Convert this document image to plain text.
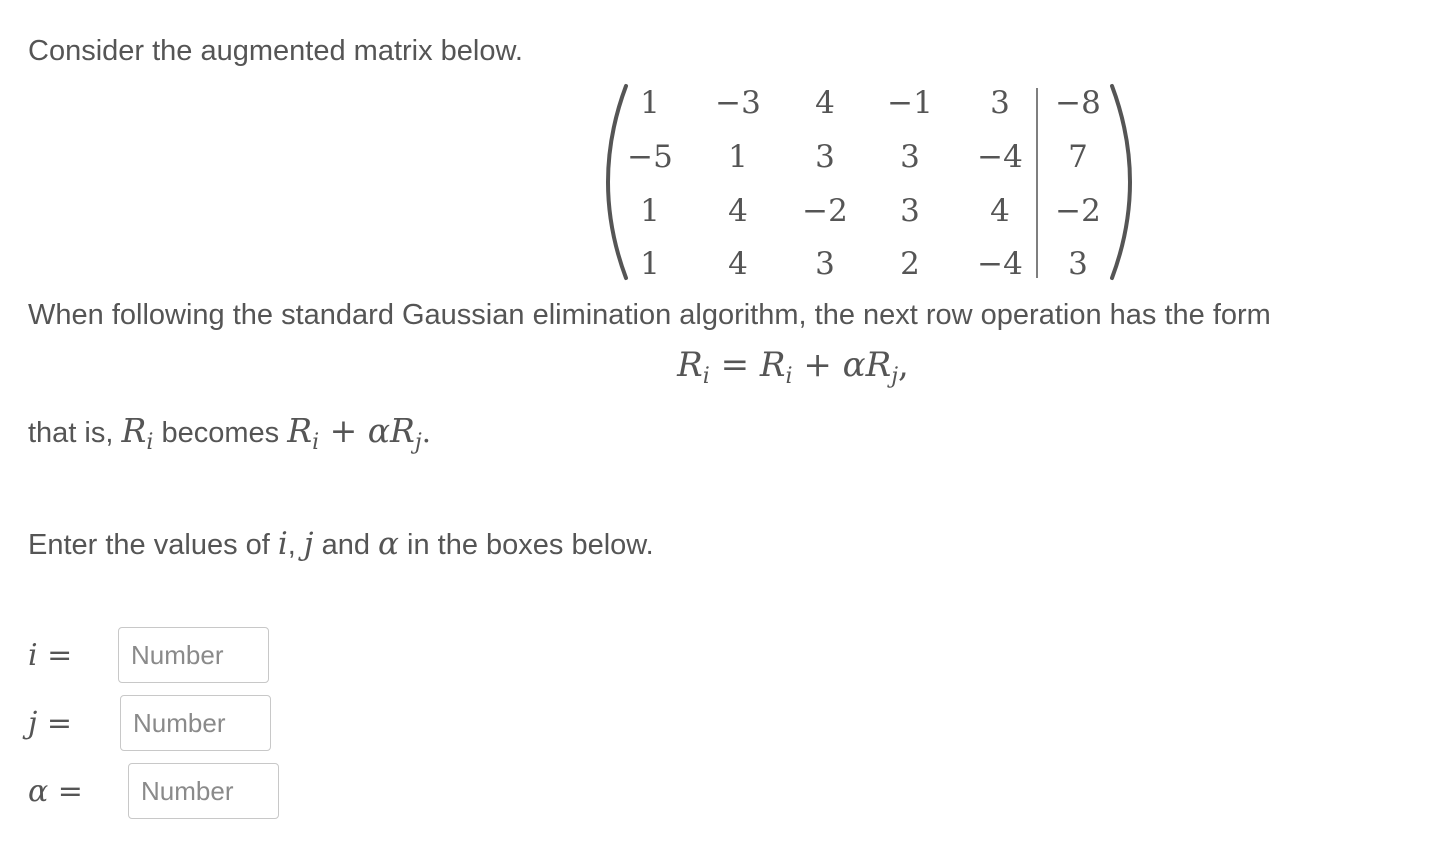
Consider the augmented matrix below.
1	−3	4	−1	3	−8
−5	1	3	3	−4	7
1	4	−2	3	4	−2
1	4	3	2	−4	3
When following the standard Gaussian elimination algorithm, the next row operation has the form
$R_i = R_i + \alpha R_j$,
that is, $R_i$ becomes $R_i + \alpha R_j$.
Enter the values of i, j and α in the boxes below.
i =
Number
j =
Number
α =
Number
